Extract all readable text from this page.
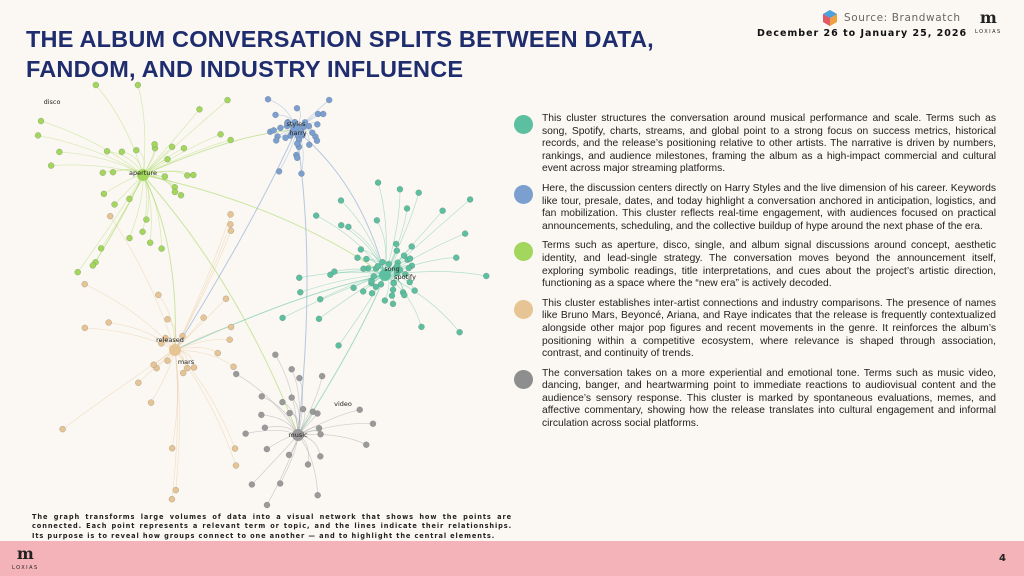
THE ALBUM CONVERSATION SPLITS BETWEEN DATA, FANDOM, AND INDUSTRY INFLUENCE
Source: Brandwatch
December 26 to January 25, 2026
m
LOXIAS
disco
aperture
styles
harry
song
spotify
released
mars
video
music
This cluster structures the conversation around musical performance and scale. Terms such as song, Spotify, charts, streams, and global point to a strong focus on success metrics, historical records, and the release’s positioning relative to other artists. The narrative is driven by numbers, rankings, and audience milestones, framing the album as a high-impact commercial and cultural event across major streaming platforms.
Here, the discussion centers directly on Harry Styles and the live dimension of his career. Keywords like tour, presale, dates, and today highlight a conversation anchored in anticipation, logistics, and fan mobilization. This cluster reflects real-time engagement, with audiences focused on practical announcements, scheduling, and the collective buildup of hype around the next phase of the era.
Terms such as aperture, disco, single, and album signal discussions around concept, aesthetic identity, and lead-single strategy. The conversation moves beyond the announcement itself, exploring symbolic readings, title interpretations, and cues about the project’s artistic direction, functioning as a space where the “new era” is actively decoded.
This cluster establishes inter-artist connections and industry comparisons. The presence of names like Bruno Mars, Beyoncé, Ariana, and Raye indicates that the release is frequently contextualized alongside other major pop figures and recent movements in the genre. It reinforces the album’s positioning within a competitive ecosystem, where relevance is shaped through association, contrast, and continuity of trends.
The conversation takes on a more experiential and emotional tone. Terms such as music video, dancing, banger, and heartwarming point to immediate reactions to audiovisual content and the audience’s sensory response. This cluster is marked by spontaneous evaluations, memes, and affective commentary, showing how the release translates into cultural engagement and informal circulation across social platforms.
The graph transforms large volumes of data into a visual network that shows how the points are connected. Each point represents a relevant term or topic, and the lines indicate their relationships. Its purpose is to reveal how groups connect to one another — and to highlight the central elements.
m
LOXIAS
4
